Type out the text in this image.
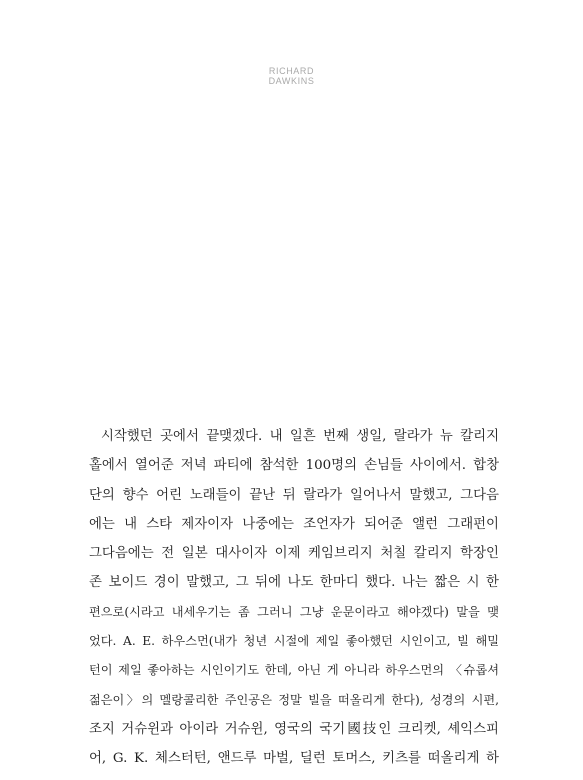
RICHARD
DAWKINS
시작했던 곳에서 끝맺겠다. 내 일흔 번째 생일, 랄라가 뉴 칼리지
홀에서 열어준 저녁 파티에 참석한 100명의 손님들 사이에서. 합창
단의 향수 어린 노래들이 끝난 뒤 랄라가 일어나서 말했고, 그다음
에는 내 스타 제자이자 나중에는 조언자가 되어준 앨런 그래펀이
그다음에는 전 일본 대사이자 이제 케임브리지 처칠 칼리지 학장인
존 보이드 경이 말했고, 그 뒤에 나도 한마디 했다. 나는 짧은 시 한
편으로(시라고 내세우기는 좀 그러니 그냥 운문이라고 해야겠다) 말을 맺
었다. A. E. 하우스먼(내가 청년 시절에 제일 좋아했던 시인이고, 빌 해밀
턴이 제일 좋아하는 시인이기도 한데, 아닌 게 아니라 하우스먼의 〈슈롭셔
젊은이〉의 멜랑콜리한 주인공은 정말 빌을 떠올리게 한다), 성경의 시편,
조지 거슈윈과 아이라 거슈윈, 영국의 국기國技인 크리켓, 셰익스피
어, G. K. 체스터턴, 앤드루 마벌, 딜런 토머스, 키츠를 떠올리게 하
